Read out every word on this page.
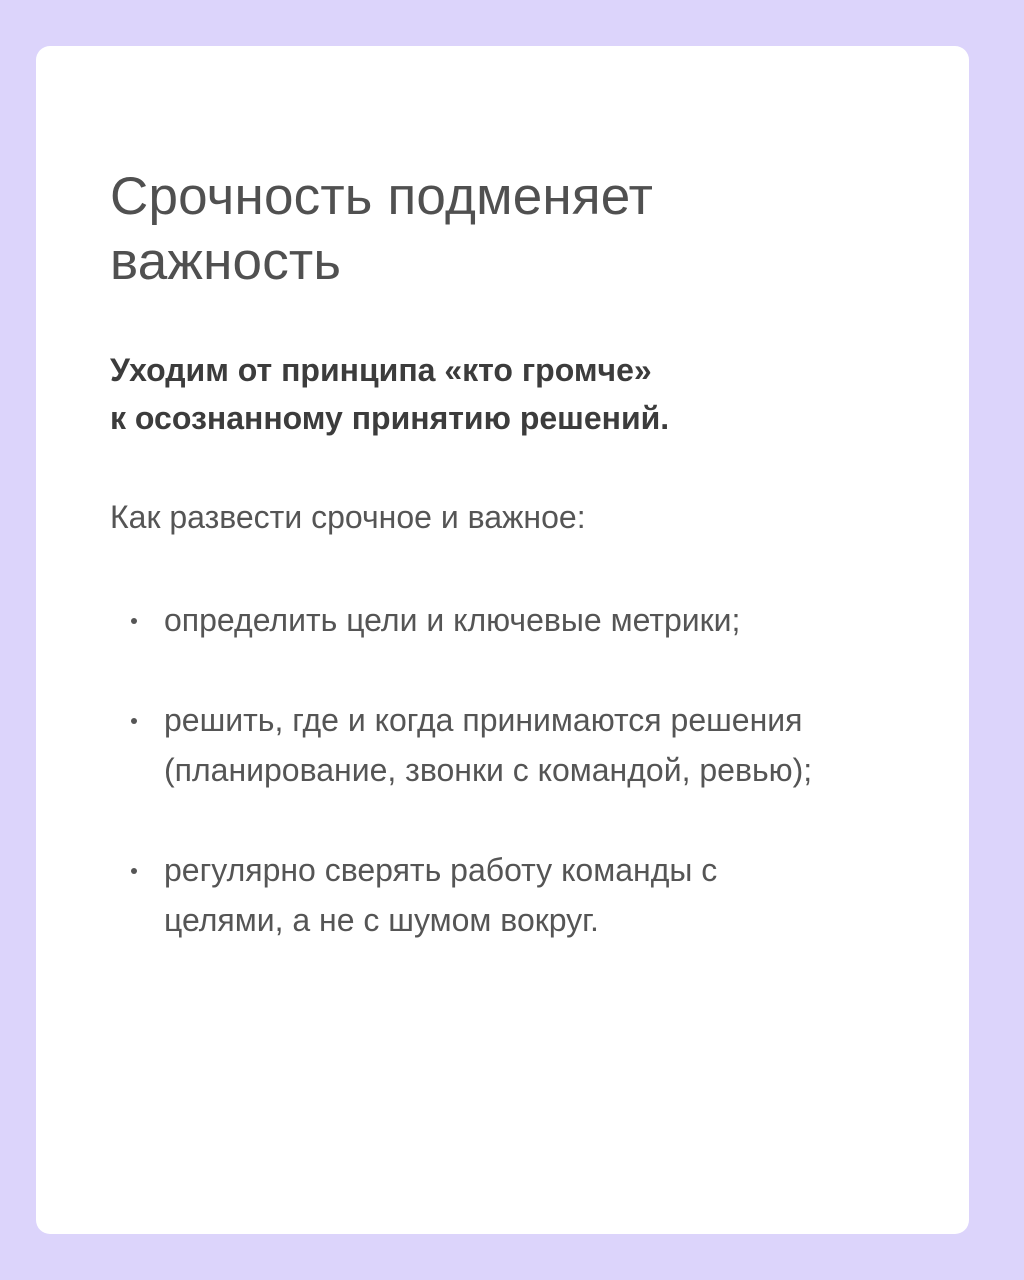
Срочность подменяет
важность

Уходим от принципа «кто громче»
к осознанному принятию решений.

Как развести срочное и важное:

определить цели и ключевые метрики;
решить, где и когда принимаются решения (планирование, звонки с командой, ревью);
регулярно сверять работу команды с целями, а не с шумом вокруг.
